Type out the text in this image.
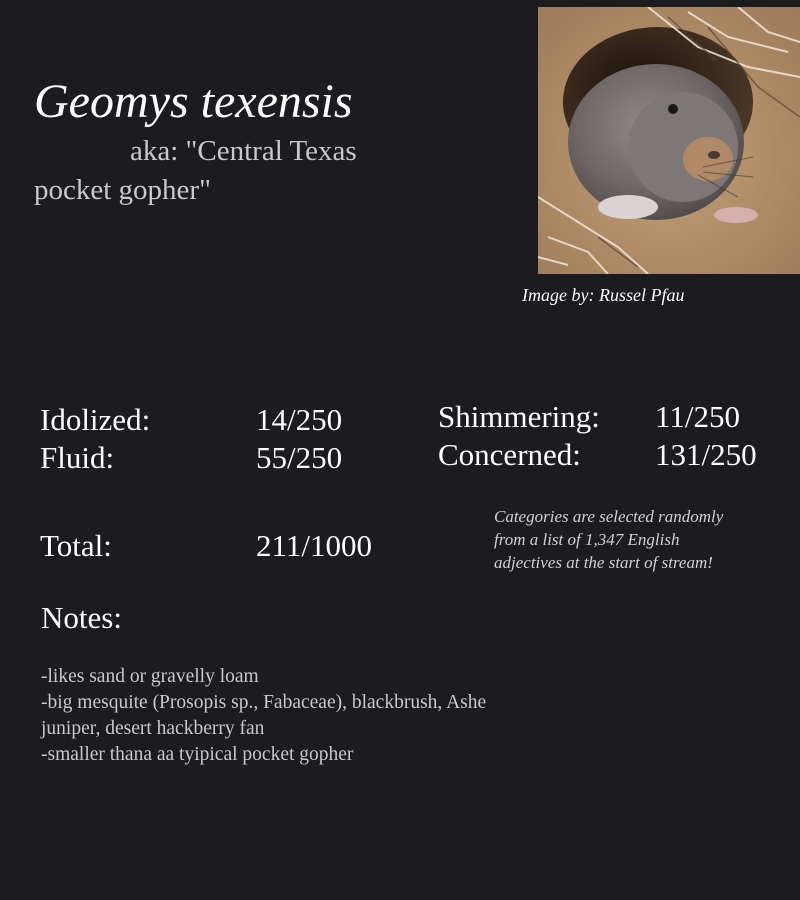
Geomys texensis
aka: "Central Texas pocket gopher"
Image by: Russel Pfau
Idolized:	14/250
Fluid:	55/250
Shimmering: 11/250
Concerned: 131/250
Total:	211/1000
Categories are selected randomly from a list of 1,347 English adjectives at the start of stream!
Notes:
-likes sand or gravelly loam
-big mesquite (Prosopis sp., Fabaceae), blackbrush, Ashe juniper, desert hackberry fan
-smaller thana aa tyipical pocket gopher
